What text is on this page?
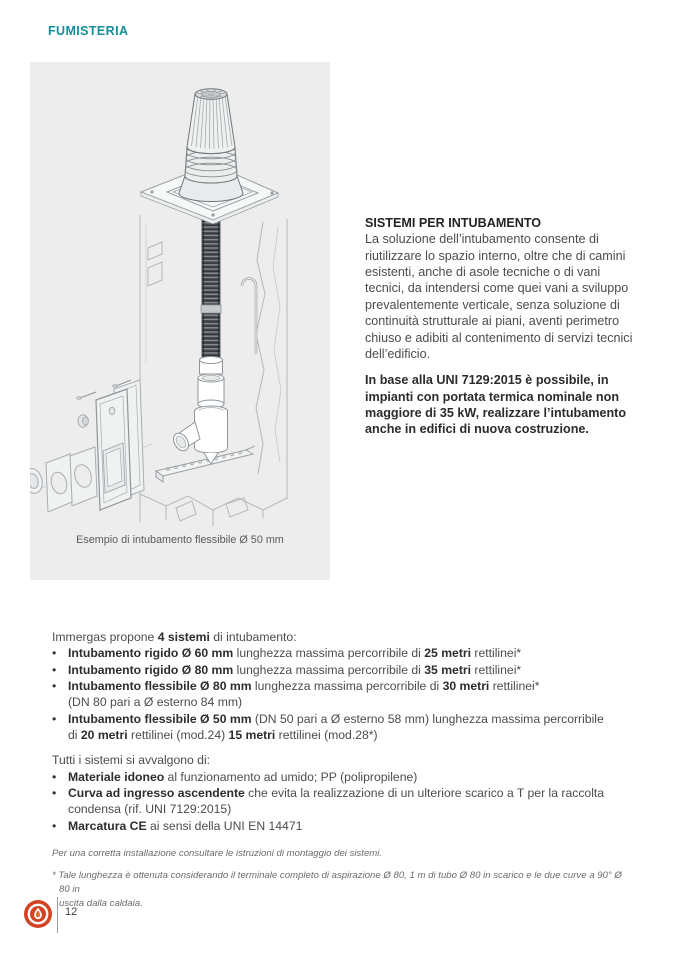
FUMISTERIA
Esempio di intubamento flessibile Ø 50 mm
SISTEMI PER INTUBAMENTO

La soluzione dell’intubamento consente di riutilizzare lo spazio interno, oltre che di camini esistenti, anche di asole tecniche o di vani tecnici, da intendersi come quei vani a sviluppo prevalentemente verticale, senza soluzione di continuità strutturale ai piani, aventi perimetro chiuso e adibiti al contenimento di servizi tecnici dell’edificio.

In base alla UNI 7129:2015 è possibile, in impianti con portata termica nominale non maggiore di 35 kW, realizzare l’intubamento anche in edifici di nuova costruzione.

Immergas propone 4 sistemi di intubamento:

• Intubamento rigido Ø 60 mm lunghezza massima percorribile di 25 metri rettilinei*
• Intubamento rigido Ø 80 mm lunghezza massima percorribile di 35 metri rettilinei*
• Intubamento flessibile Ø 80 mm lunghezza massima percorribile di 30 metri rettilinei*
(DN 80 pari a Ø esterno 84 mm)
• Intubamento flessibile Ø 50 mm (DN 50 pari a Ø esterno 58 mm) lunghezza massima percorribile
di 20 metri rettilinei (mod.24) 15 metri rettilinei (mod.28*)

Tutti i sistemi si avvalgono di:

• Materiale idoneo al funzionamento ad umido; PP (polipropilene)
• Curva ad ingresso ascendente che evita la realizzazione di un ulteriore scarico a T per la raccolta
condensa (rif. UNI 7129:2015)
• Marcatura CE ai sensi della UNI EN 14471

Per una corretta installazione consultare le istruzioni di montaggio dei sistemi.

* Tale lunghezza è ottenuta considerando il terminale completo di aspirazione Ø 80, 1 m di tubo Ø 80 in scarico e le due curve a 90° Ø 80 in
uscita dalla caldaia.

12
